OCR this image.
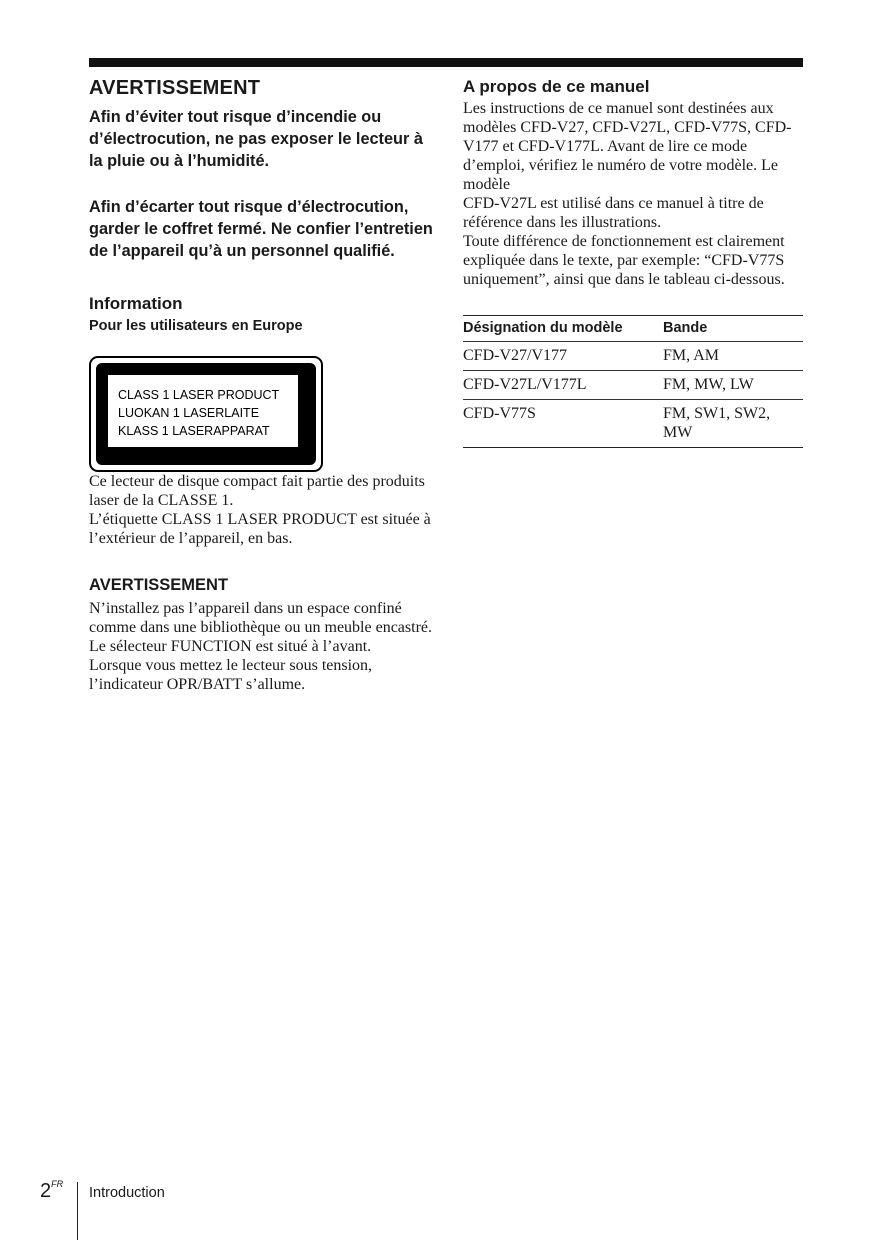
AVERTISSEMENT

Afin d’éviter tout risque d’incendie ou d’électrocution, ne pas exposer le lecteur à la pluie ou à l’humidité.

Afin d’écarter tout risque d’électrocution, garder le coffret fermé. Ne confier l’entretien de l’appareil qu’à un personnel qualifié.

Information

Pour les utilisateurs en Europe

CLASS 1 LASER PRODUCT
LUOKAN 1 LASERLAITE
KLASS 1 LASERAPPARAT

Ce lecteur de disque compact fait partie des produits laser de la CLASSE 1.

L’étiquette CLASS 1 LASER PRODUCT est située à l’extérieur de l’appareil, en bas.

AVERTISSEMENT

N’installez pas l’appareil dans un espace confiné comme dans une bibliothèque ou un meuble encastré.

Le sélecteur FUNCTION est situé à l’avant.

Lorsque vous mettez le lecteur sous tension, l’indicateur OPR/BATT s’allume.

A propos de ce manuel

Les instructions de ce manuel sont destinées aux modèles CFD-V27, CFD-V27L, CFD-V77S, CFD-V177 et CFD-V177L. Avant de lire ce mode d’emploi, vérifiez le numéro de votre modèle. Le modèle

CFD-V27L est utilisé dans ce manuel à titre de référence dans les illustrations.

Toute différence de fonctionnement est clairement expliquée dans le texte, par exemple: “CFD-V77S uniquement”, ainsi que dans le tableau ci-dessous.

Désignation du modèle	Bande
CFD-V27/V177	FM, AM
CFD-V27L/V177L	FM, MW, LW
CFD-V77S	FM, SW1, SW2, MW
$2^{FR}$
Introduction
